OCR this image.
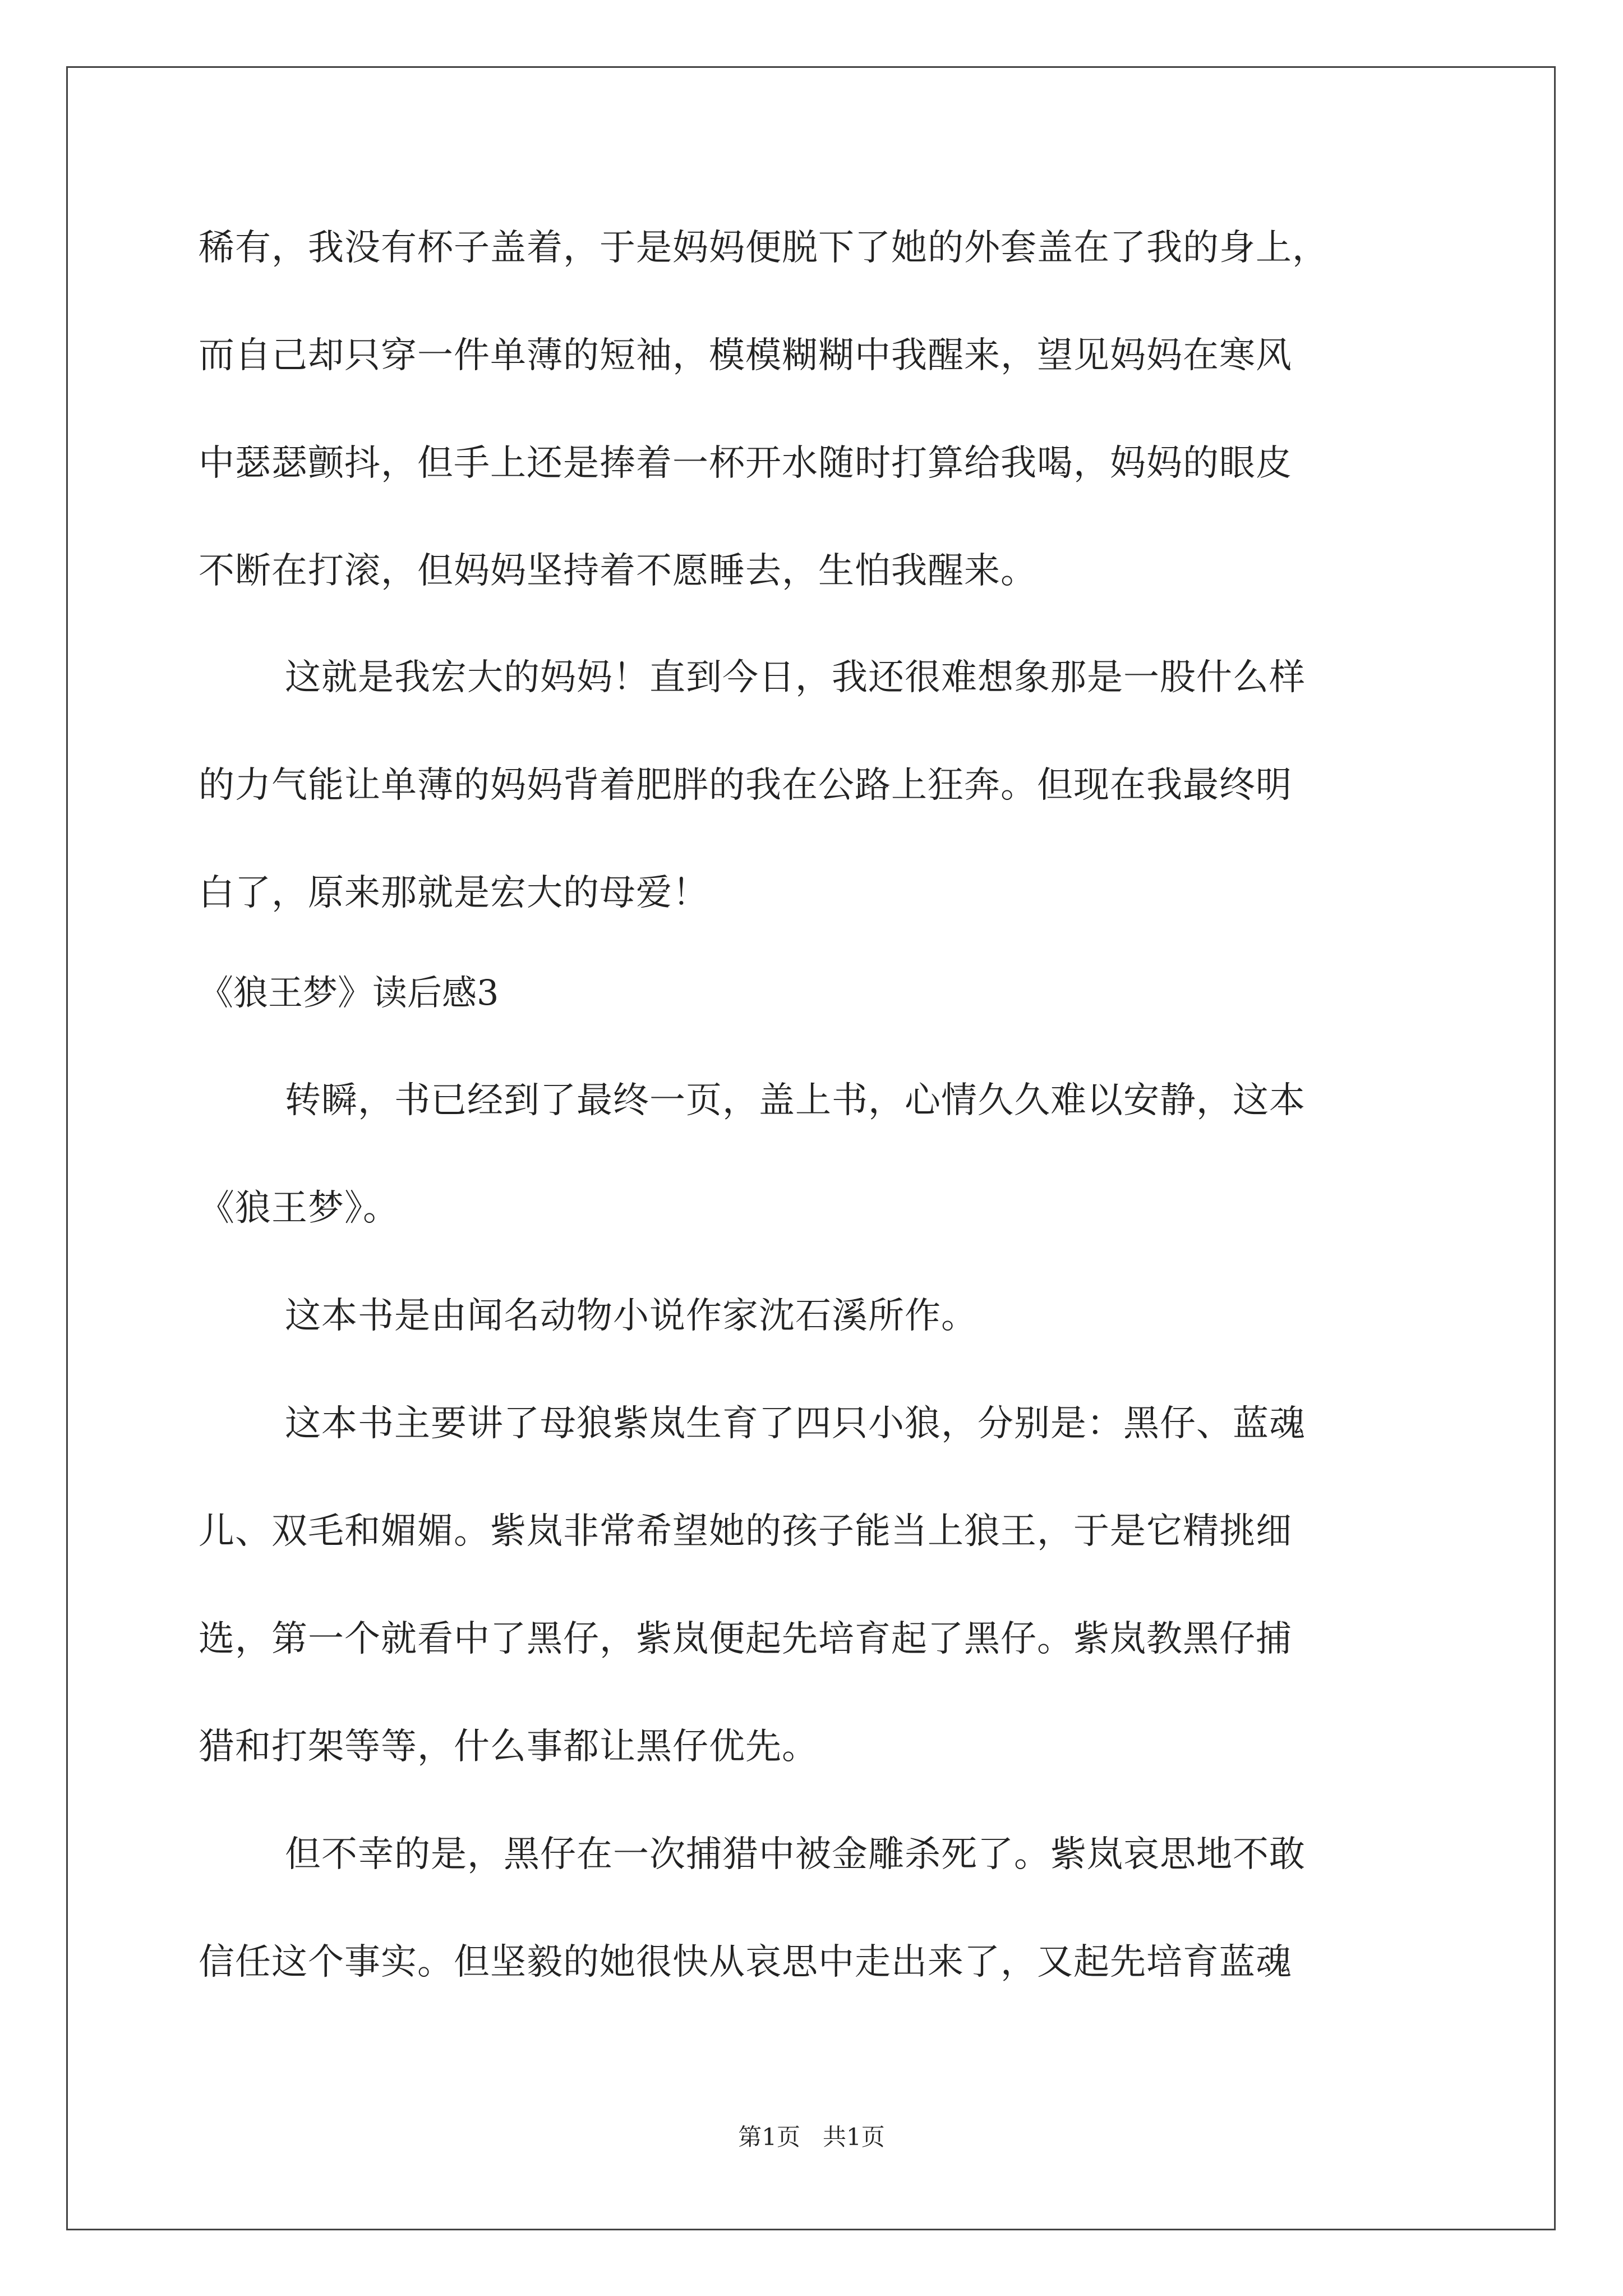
稀有，我没有杯子盖着，于是妈妈便脱下了她的外套盖在了我的身上，
而自己却只穿一件单薄的短袖，模模糊糊中我醒来，望见妈妈在寒风
中瑟瑟颤抖，但手上还是捧着一杯开水随时打算给我喝，妈妈的眼皮
不断在打滚，但妈妈坚持着不愿睡去，生怕我醒来。
这就是我宏大的妈妈！直到今日，我还很难想象那是一股什么样
的力气能让单薄的妈妈背着肥胖的我在公路上狂奔。但现在我最终明
白了，原来那就是宏大的母爱！
《狼王梦》读后感3
转瞬，书已经到了最终一页，盖上书，心情久久难以安静，这本
《狼王梦》。
这本书是由闻名动物小说作家沈石溪所作。
这本书主要讲了母狼紫岚生育了四只小狼，分别是：黑仔、蓝魂
儿、双毛和媚媚。紫岚非常希望她的孩子能当上狼王，于是它精挑细
选，第一个就看中了黑仔，紫岚便起先培育起了黑仔。紫岚教黑仔捕
猎和打架等等，什么事都让黑仔优先。
但不幸的是，黑仔在一次捕猎中被金雕杀死了。紫岚哀思地不敢
信任这个事实。但坚毅的她很快从哀思中走出来了，又起先培育蓝魂
第1页   共1页
